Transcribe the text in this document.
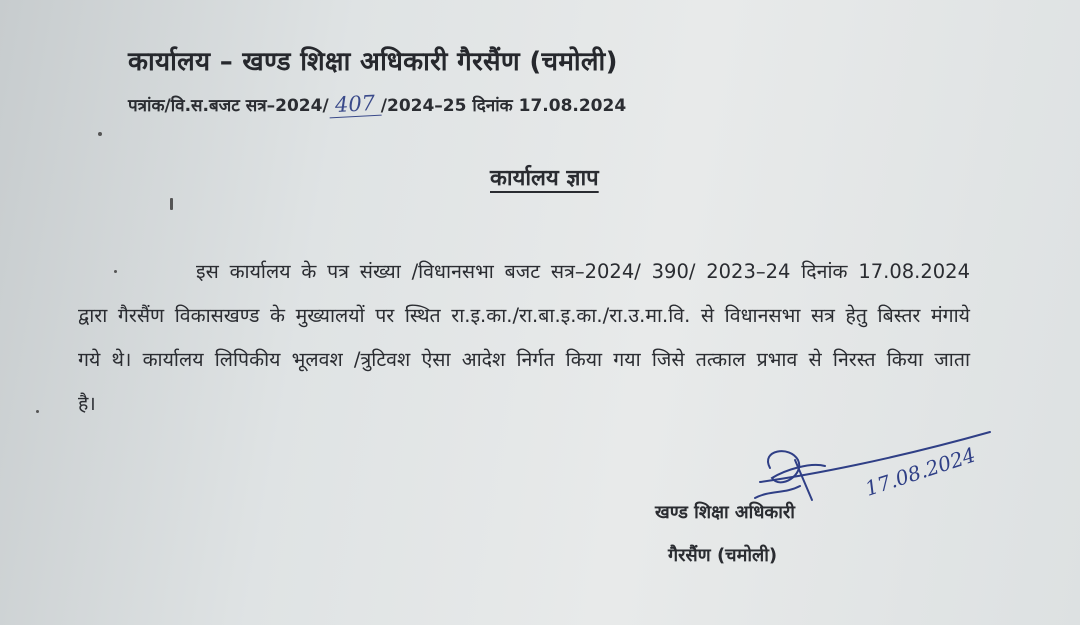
कार्यालय – खण्ड शिक्षा अधिकारी गैरसैंण (चमोली)
पत्रांक/वि.स.बजट सत्र–2024/ 407 /2024–25 दिनांक 17.08.2024
कार्यालय ज्ञाप

इस कार्यालय के पत्र संख्या /विधानसभा बजट सत्र–2024/ 390/ 2023–24 दिनांक 17.08.2024 द्वारा गैरसैंण विकासखण्ड के मुख्यालयों पर स्थित रा.इ.का./रा.बा.इ.का./रा.उ.मा.वि. से विधानसभा सत्र हेतु बिस्तर मंगाये गये थे। कार्यालय लिपिकीय भूलवश /त्रुटिवश ऐसा आदेश निर्गत किया गया जिसे तत्काल प्रभाव से निरस्त किया जाता है।

17.08.2024
खण्ड शिक्षा अधिकारी
गैरसैंण (चमोली)
